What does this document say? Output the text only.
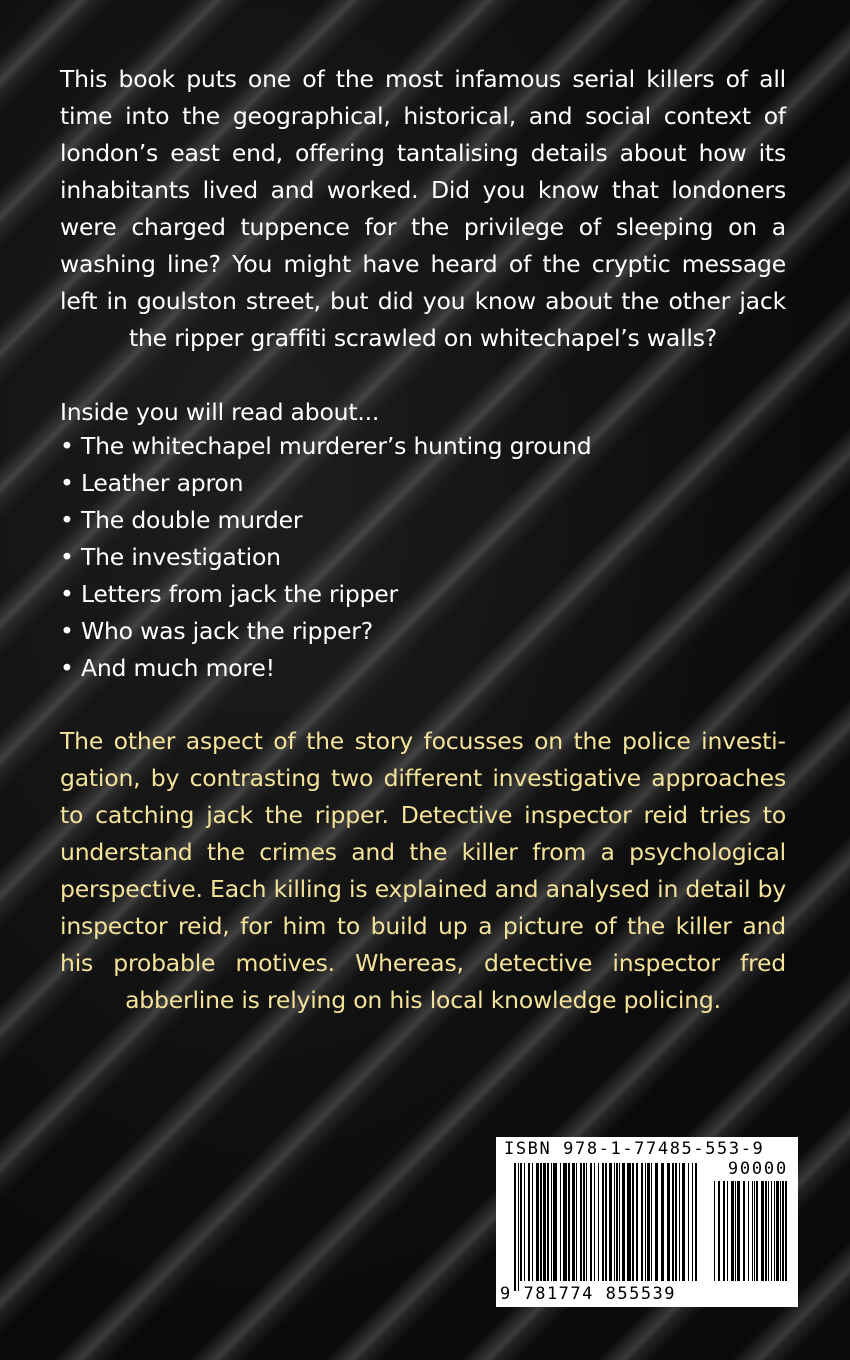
This book puts one of the most infamous serial killers of all time into the geographical, historical, and social context of london’s east end, offering tantalising details about how its inhabitants lived and worked. Did you know that londoners were charged tuppence for the privilege of sleeping on a washing line? You might have heard of the cryptic message left in goulston street, but did you know about the other jack the ripper graffiti scrawled on whitechapel’s walls?

Inside you will read about...

• The whitechapel murderer’s hunting ground
• Leather apron
• The double murder
• The investigation
• Letters from jack the ripper
• Who was jack the ripper?
• And much more!

The other aspect of the story focusses on the police investigation, by contrasting two different investigative approaches to catching jack the ripper. Detective inspector reid tries to understand the crimes and the killer from a psychological perspective. Each killing is explained and analysed in detail by inspector reid, for him to build up a picture of the killer and his probable motives. Whereas, detective inspector fred abberline is relying on his local knowledge policing.

ISBN 978-1-77485-553-9
90000
9 781774 855539
